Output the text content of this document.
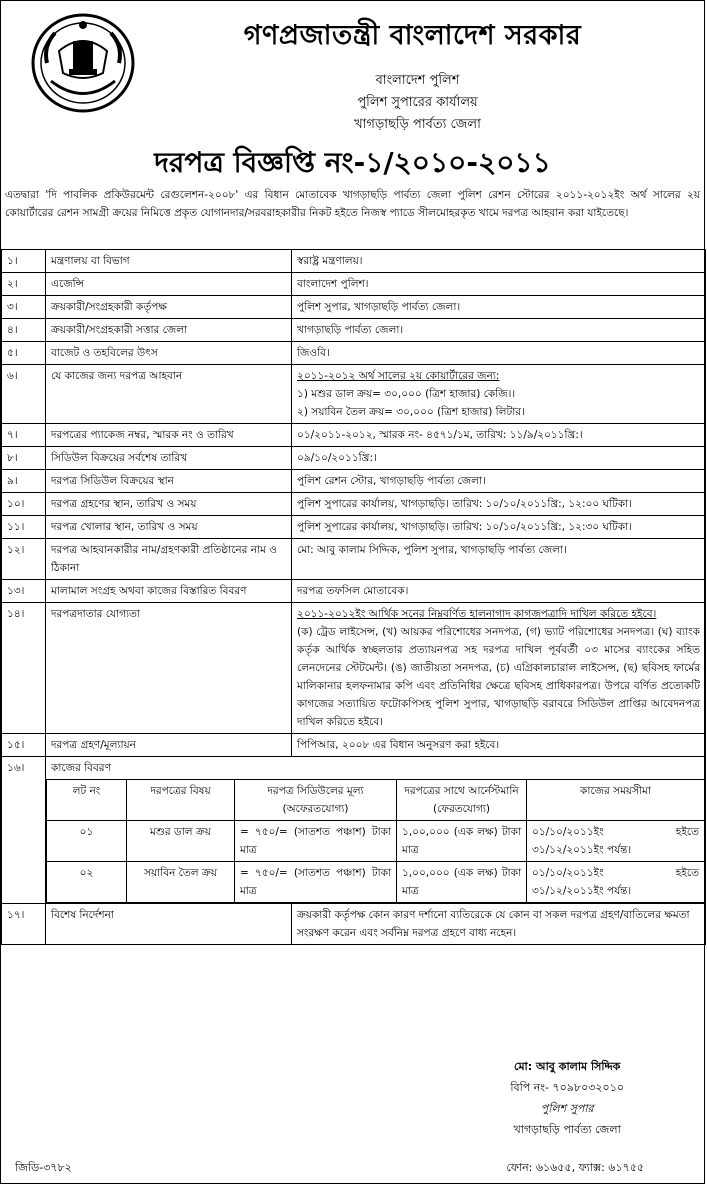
গণপ্রজাতন্ত্রী বাংলাদেশ সরকার
বাংলাদেশ পুলিশ
পুলিশ সুপারের কার্যালয়
খাগড়াছড়ি পার্বত্য জেলা
দরপত্র বিজ্ঞপ্তি নং-১/২০১০-২০১১
এতদ্বারা 'দি পাবলিক প্রকিউরমেন্ট রেগুলেশন-২০০৮' এর বিধান মোতাবেক খাগড়াছড়ি পার্বত্য জেলা পুলিশ রেশন স্টোরের ২০১১-২০১২ইং অর্থ সালের ২য় কোয়ার্টারের রেশন সামগ্রী ক্রয়ের নিমিত্তে প্রকৃত যোগানদার/সরবরাহকারীর নিকট হইতে নিজস্ব প্যাডে সীলমোহরকৃত খামে দরপত্র আহবান করা যাইতেছে।
১।	মন্ত্রণালয় বা বিভাগ	স্বরাষ্ট্র মন্ত্রণালয়।
২।	এজেন্সি	বাংলাদেশ পুলিশ।
৩।	ক্রয়কারী/সংগ্রহকারী কর্তৃপক্ষ	পুলিশ সুপার, খাগড়াছড়ি পার্বত্য জেলা।
৪।	ক্রয়কারী/সংগ্রহকারী সত্তার জেলা	খাগড়াছড়ি পার্বত্য জেলা।
৫।	বাজেট ও তহবিলের উৎস	জিওবি।
৬।	যে কাজের জন্য দরপত্র আহবান	২০১১-২০১২ অর্থ সালের ২য় কোয়ার্টারের জন্য:
১) মশুর ডাল ক্রয়= ৩০,০০০ (ত্রিশ হাজার) কেজি।।
২) সয়াবিন তৈল ক্রয়= ৩০,০০০ (ত্রিশ হাজার) লিটার।

৭।	দরপত্রের প্যাকেজ নম্বর, স্মারক নং ও তারিখ	০১/২০১১-২০১২, স্মারক নং- ৪৫৭১/১ম, তারিখ: ১১/৯/২০১১খ্রি:।
৮।	সিডিউল বিক্রয়ের সর্বশেষ তারিখ	০৯/১০/২০১১খ্রি:।
৯।	দরপত্র সিডিউল বিক্রয়ের স্থান	পুলিশ রেশন স্টোর, খাগড়াছড়ি পার্বত্য জেলা।
১০।	দরপত্র গ্রহণের স্থান, তারিখ ও সময়	পুলিশ সুপারের কার্যালয়, খাগড়াছড়ি। তারিখ: ১০/১০/২০১১খ্রি:, ১২:০০ ঘটিকা।
১১।	দরপত্র খোলার স্থান, তারিখ ও সময়	পুলিশ সুপারের কার্যালয়, খাগড়াছড়ি। তারিখ: ১০/১০/২০১১খ্রি:, ১২:৩০ ঘটিকা।
১২।	দরপত্র আহবানকারীর নাম/গ্রহণকারী প্রতিষ্ঠানের নাম ও ঠিকানা	মো: আবু কালাম সিদ্দিক, পুলিশ সুপার, খাগড়াছড়ি পার্বত্য জেলা।
১৩।	মালামাল সংগ্রহ অথবা কাজের বিস্তারিত বিবরণ	দরপত্র তফসিল মোতাবেক।
১৪।	দরপত্রদাতার যোগ্যতা	২০১১-২০১২ইং আর্থিক সনের নিম্নবর্ণিত হালনাগাদ কাগজপত্রাদি দাখিল করিতে হইবে।
(ক) ট্রেড লাইসেন্স, (খ) আয়কর পরিশোধের সনদপত্র, (গ) ভ্যাট পরিশোধের সনদপত্র। (ঘ) ব্যাংক কর্তৃক আর্থিক স্বচ্ছলতার প্রত্যায়নপত্র সহ দরপত্র দাখিল পূর্ববর্তী ০৩ মাসের ব্যাংকের সহিত লেনদেনের স্টেটমেন্ট। (ঙ) জাতীয়তা সনদপত্র, (চ) এগ্রিকালচারাল লাইসেন্স, (ছ) ছবিসহ ফার্মের মালিকানার হলফনামার কপি এবং প্রতিনিধির ক্ষেত্রে ছবিসহ প্রাধিকারপত্র। উপরে বর্ণিত প্রত্যেকটি কাগজের সত্যায়িত ফটোকপিসহ পুলিশ সুপার, খাগড়াছড়ি বরাবরে সিডিউল প্রাপ্তির আবেদনপত্র দাখিল করিতে হইবে।

১৫।	দরপত্র গ্রহণ/মূল্যায়ন	পিপিআর, ২০০৮ এর বিধান অনুসরণ করা হইবে।
১৬।	কাজের বিবরণ
লট নং	দরপত্রের বিষয়	দরপত্র সিডিউলের মূল্য (অফেরতযোগ্য)	দরপত্রের সাথে আর্নেস্টমানি (ফেরতযোগ্য)	কাজের সময়সীমা
০১	মশুর ডাল ক্রয়	= ৭৫০/= (সাতশত পঞ্চাশ) টাকা মাত্র	১,০০,০০০ (এক লক্ষ) টাকা মাত্র	০১/১০/২০১১ইং হইতে ৩১/১২/২০১১ইং পর্যন্ত।
০২	সয়াবিন তৈল ক্রয়	= ৭৫০/= (সাতশত পঞ্চাশ) টাকা মাত্র	১,০০,০০০ (এক লক্ষ) টাকা মাত্র	০১/১০/২০১১ইং হইতে ৩১/১২/২০১১ইং পর্যন্ত।

১৭।	বিশেষ নির্দেশনা	ক্রয়কারী কর্তৃপক্ষ কোন কারণ দর্শানো ব্যতিরেকে যে কোন বা সকল দরপত্র গ্রহণ/বাতিলের ক্ষমতা সংরক্ষণ করেন এবং সর্বনিম্ন দরপত্র গ্রহণে বাধ্য নহেন।
মো: আবু কালাম সিদ্দিক
বিপি নং- ৭০৯৮০৩২০১০
পুলিশ সুপার
খাগড়াছড়ি পার্বত্য জেলা
জিডি-৩৭৮২	ফোন: ৬১৬৫৫, ফ্যাক্স: ৬১৭৫৫
